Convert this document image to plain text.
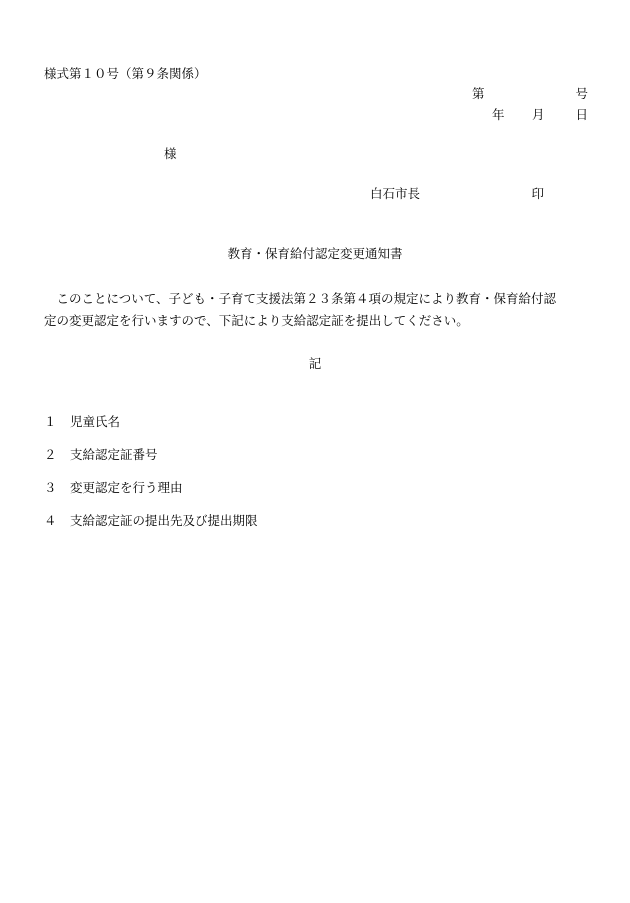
様式第１０号（第９条関係）
第	号
年 月 日
様
白石市長	印
教育・保育給付認定変更通知書

このことについて、子ども・子育て支援法第２３条第４項の規定により教育・保育給付認

定の変更認定を行いますので、下記により支給認定証を提出してください。

記
１ 児童氏名
２ 支給認定証番号
３ 変更認定を行う理由
４ 支給認定証の提出先及び提出期限
